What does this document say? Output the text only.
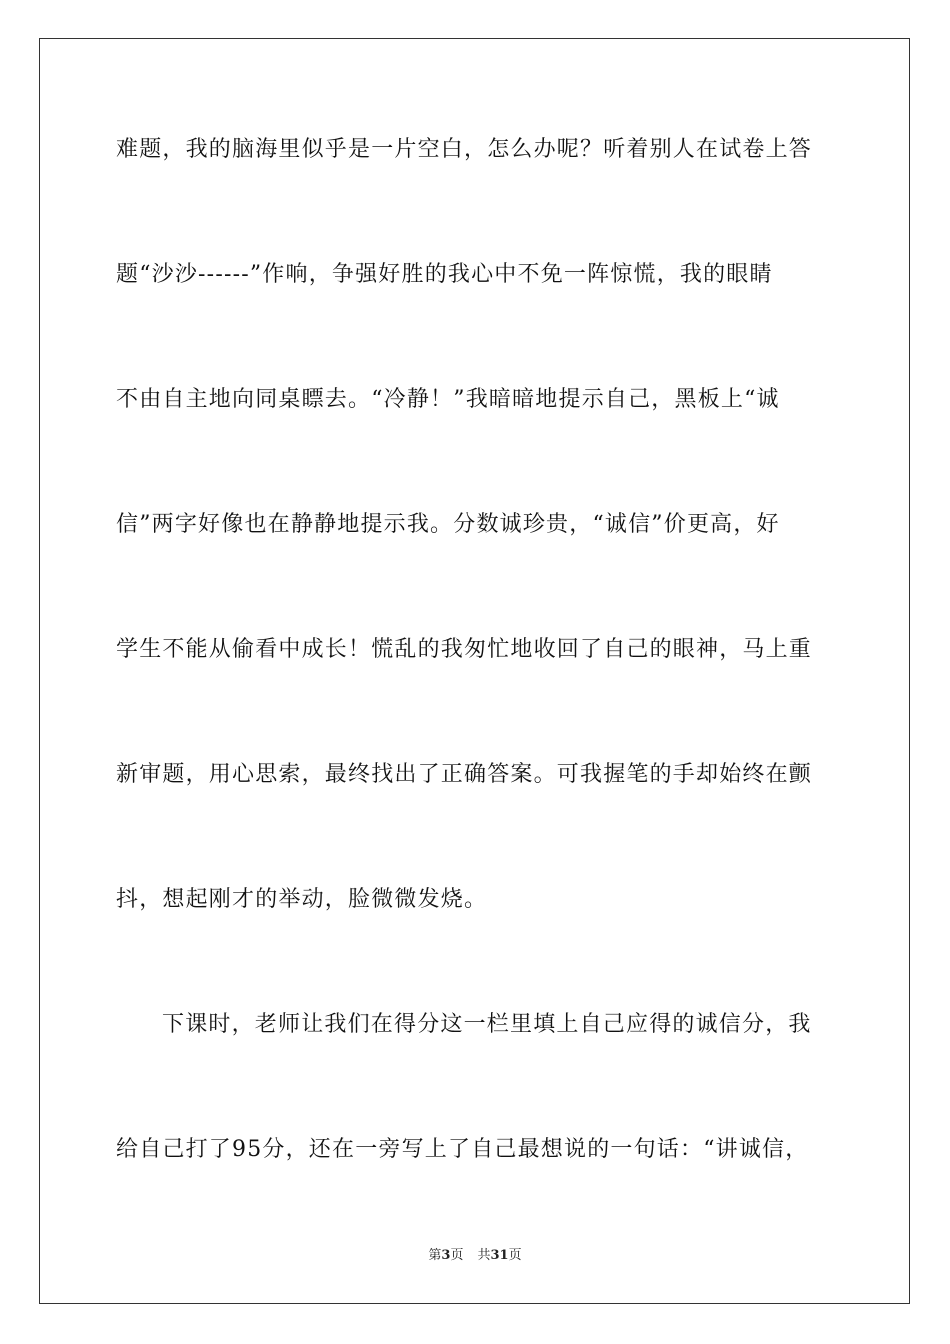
难题，我的脑海里似乎是一片空白，怎么办呢？听着别人在试卷上答
题“沙沙------”作响，争强好胜的我心中不免一阵惊慌，我的眼睛
不由自主地向同桌瞟去。“冷静！”我暗暗地提示自己，黑板上“诚
信”两字好像也在静静地提示我。分数诚珍贵，“诚信”价更高，好
学生不能从偷看中成长！慌乱的我匆忙地收回了自己的眼神，马上重
新审题，用心思索，最终找出了正确答案。可我握笔的手却始终在颤
抖，想起刚才的举动，脸微微发烧。
下课时，老师让我们在得分这一栏里填上自己应得的诚信分，我
给自己打了95分，还在一旁写上了自己最想说的一句话：“讲诚信，
第3页 共31页
